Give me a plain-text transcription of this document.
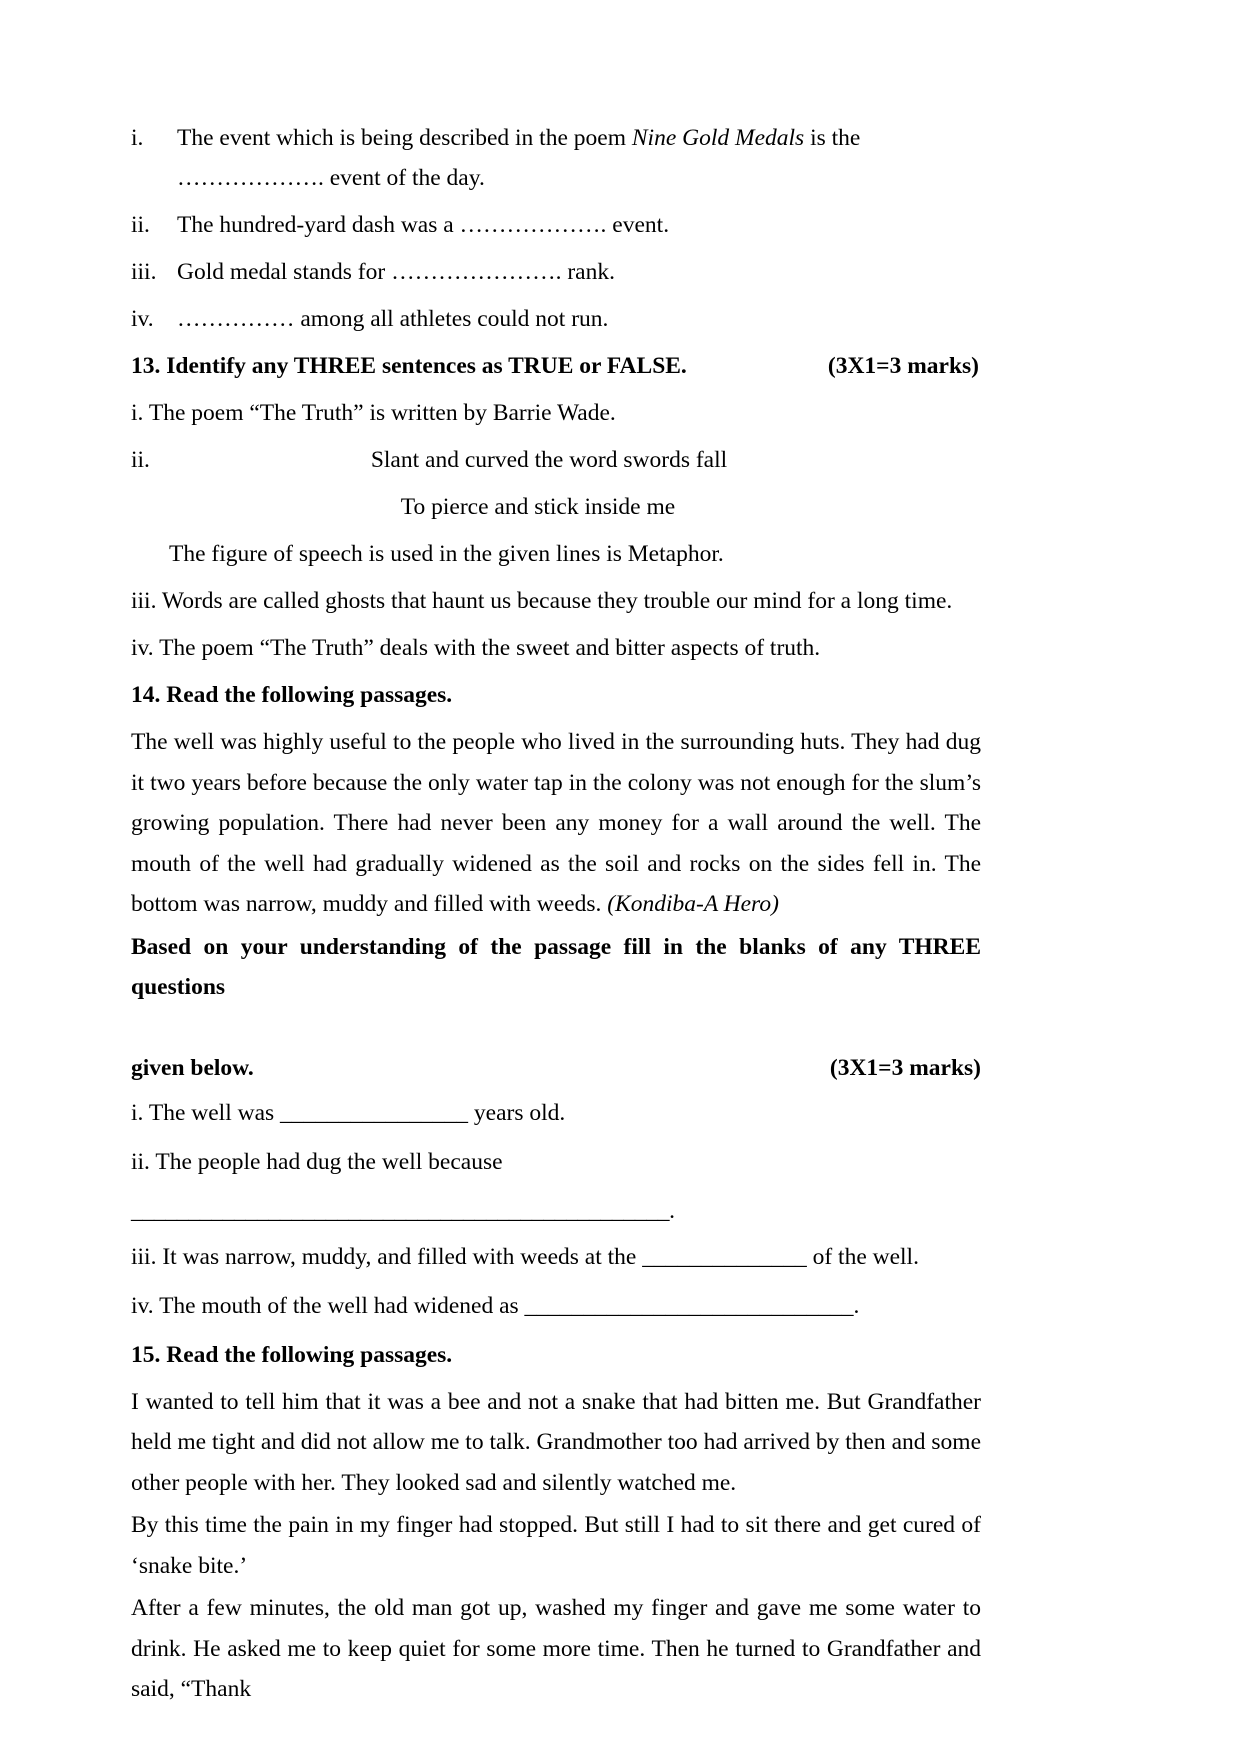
i.	The event which is being described in the poem Nine Gold Medals is the ………………. event of the day.
ii.	The hundred-yard dash was a ………………. event.
iii. Gold medal stands for …………………. rank.
iv. …………… among all athletes could not run.
13. Identify any THREE sentences as TRUE or FALSE.	(3X1=3 marks)
i. The poem “The Truth” is written by Barrie Wade.
ii.	Slant and curved the word swords fall
To pierce and stick inside me
The figure of speech is used in the given lines is Metaphor.
iii. Words are called ghosts that haunt us because they trouble our mind for a long time.
iv. The poem “The Truth” deals with the sweet and bitter aspects of truth.
14. Read the following passages.
The well was highly useful to the people who lived in the surrounding huts. They had dug it two years before because the only water tap in the colony was not enough for the slum’s growing population. There had never been any money for a wall around the well. The mouth of the well had gradually widened as the soil and rocks on the sides fell in. The bottom was narrow, muddy and filled with weeds. (Kondiba-A Hero)
Based on your understanding of the passage fill in the blanks of any THREE questions
given below.	(3X1=3 marks)
i. The well was ________________ years old.
ii. The people had dug the well because
_______________________________________________.
iii. It was narrow, muddy, and filled with weeds at the ______________ of the well.
iv. The mouth of the well had widened as ____________________________.
15. Read the following passages.
I wanted to tell him that it was a bee and not a snake that had bitten me. But Grandfather held me tight and did not allow me to talk. Grandmother too had arrived by then and some other people with her. They looked sad and silently watched me.
By this time the pain in my finger had stopped. But still I had to sit there and get cured of ‘snake bite.’
After a few minutes, the old man got up, washed my finger and gave me some water to drink. He asked me to keep quiet for some more time. Then he turned to Grandfather and said, “Thank
